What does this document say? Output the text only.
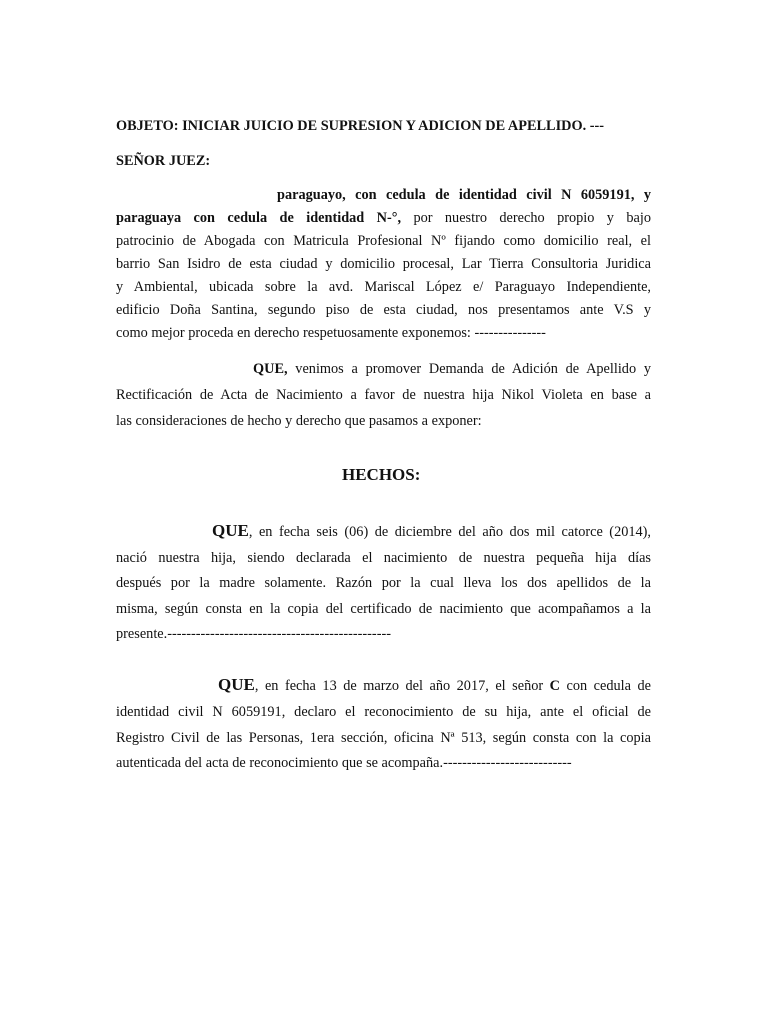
OBJETO: INICIAR JUICIO DE SUPRESION Y ADICION DE APELLIDO. ---
SEÑOR JUEZ:
paraguayo, con cedula de identidad civil N 6059191, y
paraguaya con cedula de identidad N-°, por nuestro derecho propio y bajo
patrocinio de Abogada con Matricula Profesional Nº fijando como domicilio real, el
barrio San Isidro de esta ciudad y domicilio procesal, Lar Tierra Consultoria Juridica
y Ambiental, ubicada sobre la avd. Mariscal López e/ Paraguayo Independiente,
edificio Doña Santina, segundo piso de esta ciudad, nos presentamos ante V.S y
como mejor proceda en derecho respetuosamente exponemos: ---------------
QUE, venimos a promover Demanda de Adición de Apellido y
Rectificación de Acta de Nacimiento a favor de nuestra hija Nikol Violeta en base a
las consideraciones de hecho y derecho que pasamos a exponer:
HECHOS:
QUE, en fecha seis (06) de diciembre del año dos mil catorce (2014),
nació nuestra hija, siendo declarada el nacimiento de nuestra pequeña hija días
después por la madre solamente. Razón por la cual lleva los dos apellidos de la
misma, según consta en la copia del certificado de nacimiento que acompañamos a la
presente.-----------------------------------------------
QUE, en fecha 13 de marzo del año 2017, el señor C con cedula de
identidad civil N 6059191, declaro el reconocimiento de su hija, ante el oficial de
Registro Civil de las Personas, 1era sección, oficina Nª 513, según consta con la copia
autenticada del acta de reconocimiento que se acompaña.---------------------------
